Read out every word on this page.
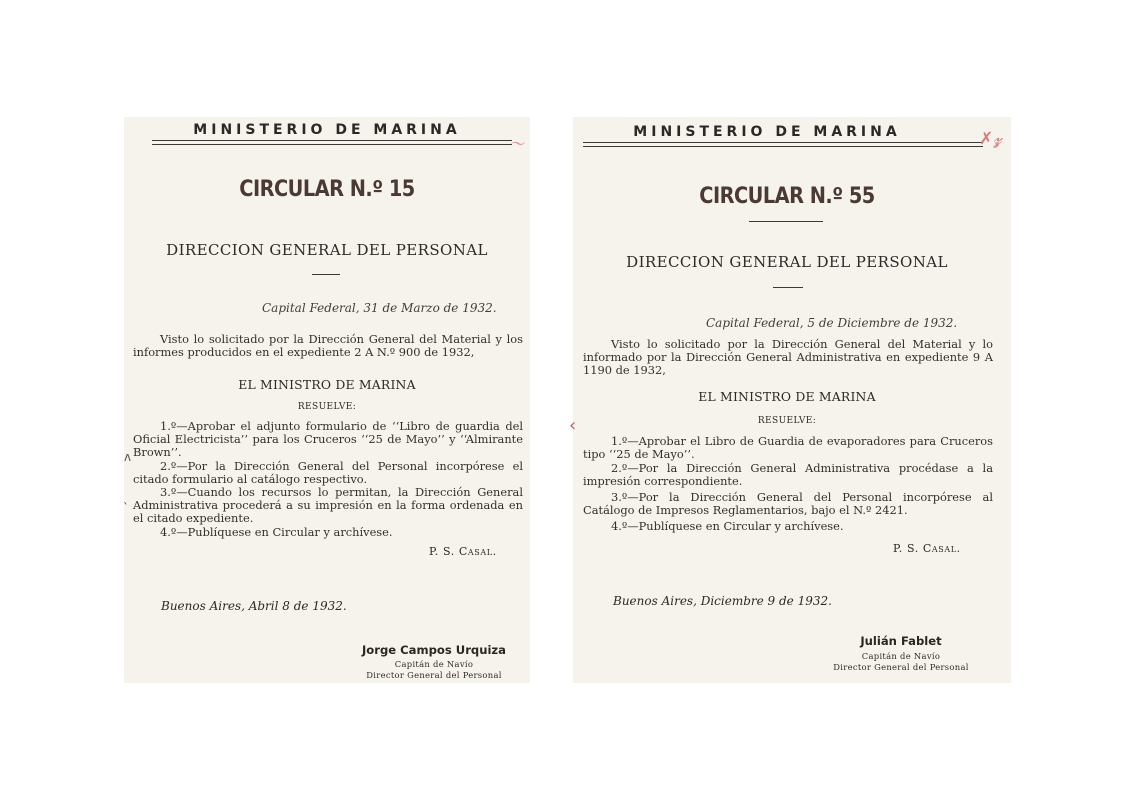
MINISTERIO DE MARINA
〜
CIRCULAR N.º 15
DIRECCION GENERAL DEL PERSONAL
Capital Federal, 31 de Marzo de 1932.
Visto lo solicitado por la Dirección General del Material y los informes producidos en el expediente 2 A N.º 900 de 1932,
EL MINISTRO DE MARINA
RESUELVE:
1.º—Aprobar el adjunto formulario de ‘‘Libro de guardia del Oficial Electricista’’ para los Cruceros ‘‘25 de Mayo’’ y ‘‘Almirante Brown’’.
2.º—Por la Dirección General del Personal incorpórese el citado formulario al catálogo respectivo.
3.º—Cuando los recursos lo permitan, la Dirección General Administrativa procederá a su impresión en la forma ordenada en el citado expediente.
4.º—Publíquese en Circular y archívese.
ʌ
`
P. S. Casal.
Buenos Aires, Abril 8 de 1932.
Jorge Campos Urquiza
Capitán de Navío
Director General del Personal
MINISTERIO DE MARINA	✗𝔃
CIRCULAR N.º 55
DIRECCION GENERAL DEL PERSONAL
Capital Federal, 5 de Diciembre de 1932.
Visto lo solicitado por la Dirección General del Material y lo informado por la Dirección General Administrativa en expediente 9 A 1190 de 1932,
EL MINISTRO DE MARINA
RESUELVE:
1.º—Aprobar el Libro de Guardia de evaporadores para Cruceros tipo ‘‘25 de Mayo’’.
2.º—Por la Dirección General Administrativa procédase a la impresión correspondiente.
3.º—Por la Dirección General del Personal incorpórese al Catálogo de Impresos Reglamentarios, bajo el N.º 2421.
4.º—Publíquese en Circular y archívese.
‹
P. S. Casal.
Buenos Aires, Diciembre 9 de 1932.
Julián Fablet
Capitán de Navío
Director General del Personal
